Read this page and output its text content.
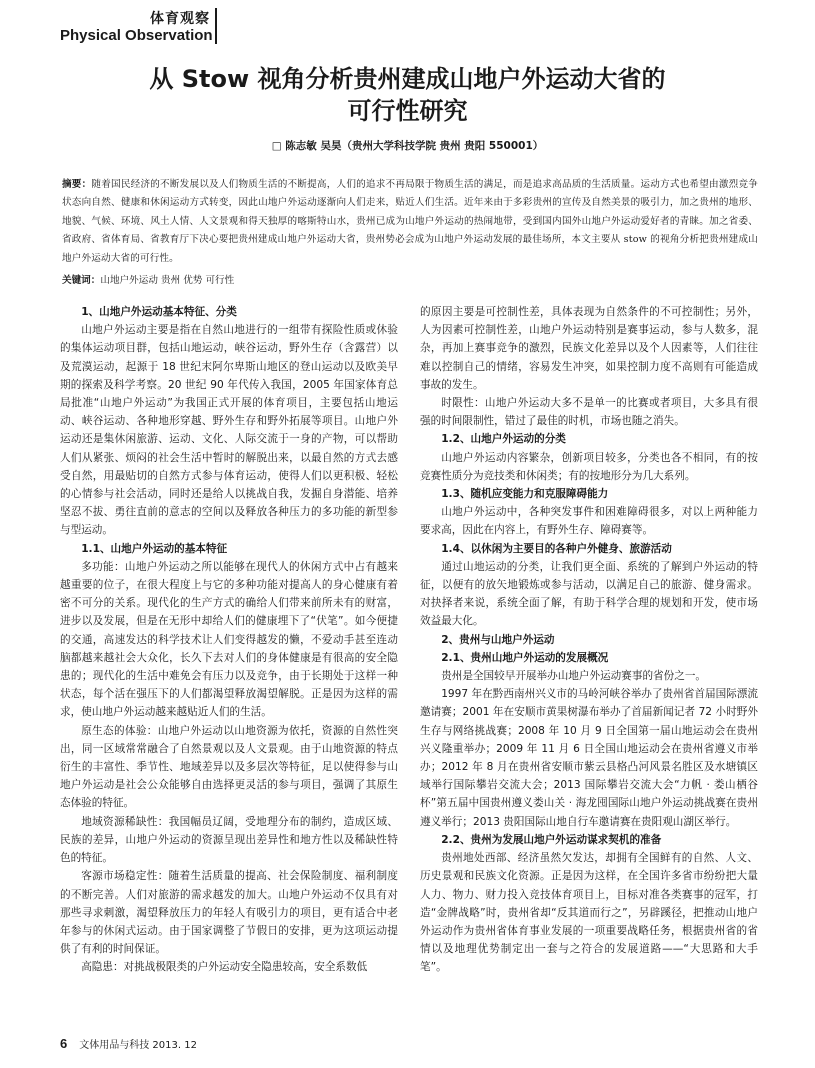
体育观察
Physical Observation
从 Stow 视角分析贵州建成山地户外运动大省的
可行性研究
□ 陈志敏 吴昊（贵州大学科技学院 贵州 贵阳 550001）
摘要：随着国民经济的不断发展以及人们物质生活的不断提高，人们的追求不再局限于物质生活的满足，而是追求高品质的生活质量。运动方式也希望由激烈竞争状态向自然、健康和休闲运动方式转变，因此山地户外运动逐渐向人们走来，贴近人们生活。近年来由于多彩贵州的宣传及自然美景的吸引力，加之贵州的地形、地貌、气候、环境、风土人情、人文景观和得天独厚的喀斯特山水，贵州已成为山地户外运动的热闹地带，受到国内国外山地户外运动爱好者的青睐。加之省委、省政府、省体育局、省教育厅下决心要把贵州建成山地户外运动大省，贵州势必会成为山地户外运动发展的最佳场所，本文主要从 stow 的视角分析把贵州建成山地户外运动大省的可行性。
关键词：山地户外运动 贵州 优势 可行性
1、山地户外运动基本特征、分类

山地户外运动主要是指在自然山地进行的一组带有探险性质或休验的集体运动项目群，包括山地运动，峡谷运动，野外生存（含露营）以及荒漠运动，起源于 18 世纪末阿尔卑斯山地区的登山运动以及欧美早期的探索及科学考察。20 世纪 90 年代传入我国，2005 年国家体育总局批准“山地户外运动”为我国正式开展的体育项目，主要包括山地运动、峡谷运动、各种地形穿越、野外生存和野外拓展等项目。山地户外运动还是集休闲旅游、运动、文化、人际交流于一身的产物，可以帮助人们从紧张、烦闷的社会生活中暂时的解脱出来，以最自然的方式去感受自然，用最贴切的自然方式参与体育运动，使得人们以更积极、轻松的心情参与社会活动，同时还是给人以挑战自我，发掘自身潜能、培养坚忍不拔、勇往直前的意志的空间以及释放各种压力的多功能的新型参与型运动。

1.1、山地户外运动的基本特征

多功能：山地户外运动之所以能够在现代人的休闲方式中占有越来越重要的位子，在很大程度上与它的多种功能对提高人的身心健康有着密不可分的关系。现代化的生产方式的确给人们带来前所未有的财富，进步以及发展，但是在无形中却给人们的健康埋下了“伏笔”。如今便捷的交通，高速发达的科学技术让人们变得越发的懒，不爱动手甚至连动脑都越来越社会大众化，长久下去对人们的身体健康是有很高的安全隐患的；现代化的生活中难免会有压力以及竞争，由于长期处于这样一种状态，每个活在强压下的人们都渴望释放渴望解脱。正是因为这样的需求，使山地户外运动越来越贴近人们的生活。

原生态的体验：山地户外运动以山地资源为依托，资源的自然性突出，同一区域常常融合了自然景观以及人文景观。由于山地资源的特点衍生的丰富性、季节性、地域差异以及多层次等特征，足以使得参与山地户外运动是社会公众能够自由选择更灵活的参与项目，强调了其原生态体验的特征。

地域资源稀缺性：我国幅员辽阔，受地理分布的制约，造成区域、民族的差异，山地户外运动的资源呈现出差异性和地方性以及稀缺性特色的特征。

客源市场稳定性：随着生活质量的提高、社会保险制度、福利制度的不断完善。人们对旅游的需求越发的加大。山地户外运动不仅具有对那些寻求刺激，渴望释放压力的年轻人有吸引力的项目，更有适合中老年参与的休闲式运动。由于国家调整了节假日的安排，更为这项运动提供了有利的时间保证。

高隐患：对挑战极限类的户外运动安全隐患较高，安全系数低

的原因主要是可控制性差，具体表现为自然条件的不可控制性；另外，人为因素可控制性差，山地户外运动特别是赛事运动，参与人数多，混杂，再加上赛事竞争的激烈，民族文化差异以及个人因素等，人们往往难以控制自己的情绪，容易发生冲突，如果控制力度不高则有可能造成事故的发生。

时限性：山地户外运动大多不是单一的比赛或者项目，大多具有很强的时间限制性，错过了最佳的时机，市场也随之消失。

1.2、山地户外运动的分类

山地户外运动内容繁杂，创新项目较多，分类也各不相同，有的按竞赛性质分为竞技类和休闲类；有的按地形分为几大系列。

1.3、随机应变能力和克服障碍能力

山地户外运动中，各种突发事件和困难障碍很多，对以上两种能力要求高，因此在内容上，有野外生存、障碍赛等。

1.4、以休闲为主要目的各种户外健身、旅游活动

通过山地运动的分类，让我们更全面、系统的了解到户外运动的特征，以便有的放矢地锻炼或参与活动，以满足自己的旅游、健身需求。对抉择者来说，系统全面了解，有助于科学合理的规划和开发，使市场效益最大化。

2、贵州与山地户外运动
2.1、贵州山地户外运动的发展概况

贵州是全国较早开展举办山地户外运动赛事的省份之一。

1997 年在黔西南州兴义市的马岭河峡谷举办了贵州省首届国际漂流邀请赛；2001 年在安顺市黄果树瀑布举办了首届新闻记者 72 小时野外生存与网络挑战赛；2008 年 10 月 9 日全国第一届山地运动会在贵州兴义隆重举办；2009 年 11 月 6 日全国山地运动会在贵州省遵义市举办；2012 年 8 月在贵州省安顺市紫云县格凸河风景名胜区及水塘镇区域举行国际攀岩交流大会；2013 国际攀岩交流大会“力帆 · 娄山栖谷杯”第五届中国贵州遵义娄山关 · 海龙囤国际山地户外运动挑战赛在贵州遵义举行；2013 贵阳国际山地自行车邀请赛在贵阳观山湖区举行。

2.2、贵州为发展山地户外运动谋求契机的准备

贵州地处西部、经济虽然欠发达，却拥有全国鲜有的自然、人文、历史景观和民族文化资源。正是因为这样，在全国许多省市纷纷把大量人力、物力、财力投入竞技体育项目上，目标对准各类赛事的冠军，打造“金牌战略”时，贵州省却“反其道而行之”，另辟蹊径，把推动山地户外运动作为贵州省体育事业发展的一项重要战略任务，根据贵州省的省情以及地理优势制定出一套与之符合的发展道路——“大思路和大手笔”。

6 文体用品与科技 2013. 12
